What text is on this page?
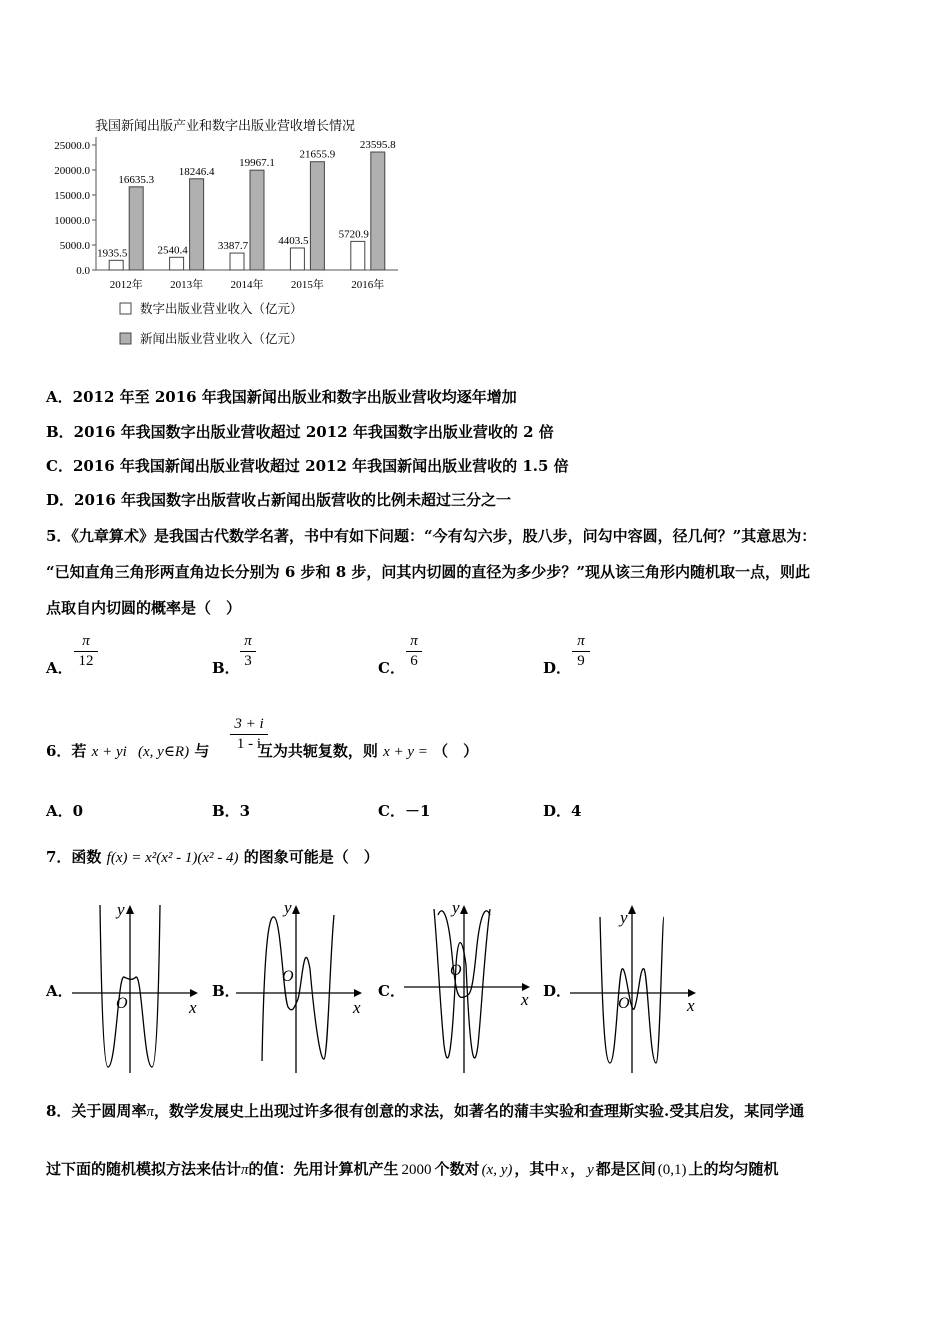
我国新闻出版产业和数字出版业营收增长情况
25000.0
20000.0
15000.0
10000.0
5000.0
0.0
1935.5
16635.3
2012年
2540.4
18246.4
2013年
3387.7
19967.1
2014年
4403.5
21655.9
2015年
5720.9
23595.8
2016年
数字出版业营业收入（亿元）
新闻出版业营业收入（亿元）
A．2012 年至 2016 年我国新闻出版业和数字出版业营收均逐年增加
B．2016 年我国数字出版业营收超过 2012 年我国数字出版业营收的 2 倍
C．2016 年我国新闻出版业营收超过 2012 年我国新闻出版业营收的 1.5 倍
D．2016 年我国数字出版营收占新闻出版营收的比例未超过三分之一
5．《九章算术》是我国古代数学名著，书中有如下问题：“今有勾六步，股八步，问勾中容圆，径几何？”其意思为：
“已知直角三角形两直角边长分别为 6 步和 8 步，问其内切圆的直径为多少步？”现从该三角形内随机取一点，则此
点取自内切圆的概率是（　）
A．
π
12	B．
π
3	C．
π
6	D．
π
9
6．若 x + yi (x, y∈R) 与	互为共轭复数，则 x + y = （　）
3 + i
1 - i
A．0	B．3	C．－1	D．4
7．函数 f(x) = x²(x² - 1)(x² - 4) 的图象可能是（　）
A．	B．	C．	D．
y
x
O
y
x
O
y
x
O
y
x
O
8．关于圆周率π，数学发展史上出现过许多很有创意的求法，如著名的蒲丰实验和查理斯实验.受其启发，某同学通
过下面的随机模拟方法来估计π的值：先用计算机产生 2000 个数对 (x, y) ，其中 x ， y 都是区间 (0,1) 上的均匀随机
